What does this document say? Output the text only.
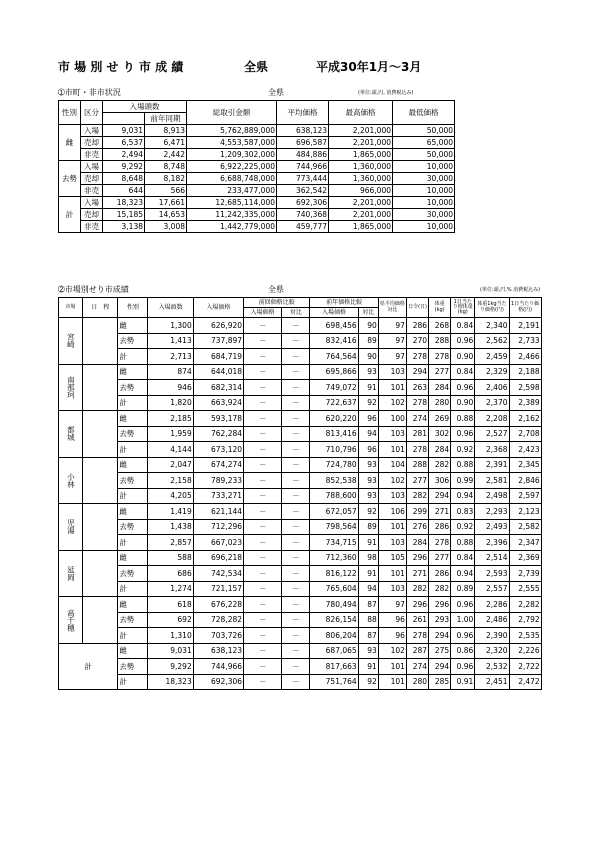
市 場 別 せ り 市 成 績	全県	平成30年1月～3月
➀市町・非市状況	全県	(単位:頭,円, 消費税込み)
性別	区分	入場頭数		総取引金額	平均価格	最高価格	最低価格
			前年同期				
雌	入場	9,031	8,913	5,762,889,000	638,123	2,201,000	50,000
	売却	6,537	6,471	4,553,587,000	696,587	2,201,000	65,000
	非売	2,494	2,442	1,209,302,000	484,886	1,865,000	50,000
去勢	入場	9,292	8,748	6,922,225,000	744,966	1,360,000	10,000
	売却	8,648	8,182	6,688,748,000	773,444	1,360,000	30,000
	非売	644	566	233,477,000	362,542	966,000	10,000
計	入場	18,323	17,661	12,685,114,000	692,306	2,201,000	10,000
	売却	15,185	14,653	11,242,335,000	740,368	2,201,000	30,000
	非売	3,138	3,008	1,442,779,000	459,777	1,865,000	10,000
➁市場別せり市成績	全県	(単位:頭,円,% 消費税込み)
市場	日　程	性別	入場頭数	入場価格	前回価格比較		前年価格比較		県平均価格対比	日令(日)	体重(kg)	1日当たり増体量(kg)	体重1kg当たり価格(円)	1日当たり価格(円)
					入場価格	対比	入場価格	対比						
宮崎		雌	1,300	626,920	－	－	698,456	90	97	286	268	0.84	2,340	2,191
		去勢	1,413	737,897	－	－	832,416	89	97	270	288	0.96	2,562	2,733
		計	2,713	684,719	－	－	764,564	90	97	278	278	0.90	2,459	2,466
南那珂		雌	874	644,018	－	－	695,866	93	103	294	277	0.84	2,329	2,188
		去勢	946	682,314	－	－	749,072	91	101	263	284	0.96	2,406	2,598
		計	1,820	663,924	－	－	722,637	92	102	278	280	0.90	2,370	2,389
都城		雌	2,185	593,178	－	－	620,220	96	100	274	269	0.88	2,208	2,162
		去勢	1,959	762,284	－	－	813,416	94	103	281	302	0.96	2,527	2,708
		計	4,144	673,120	－	－	710,796	96	101	278	284	0.92	2,368	2,423
小林		雌	2,047	674,274	－	－	724,780	93	104	288	282	0.88	2,391	2,345
		去勢	2,158	789,233	－	－	852,538	93	102	277	306	0.99	2,581	2,846
		計	4,205	733,271	－	－	788,600	93	103	282	294	0.94	2,498	2,597
児湯		雌	1,419	621,144	－	－	672,057	92	106	299	271	0.83	2,293	2,123
		去勢	1,438	712,296	－	－	798,564	89	101	276	286	0.92	2,493	2,582
		計	2,857	667,023	－	－	734,715	91	103	284	278	0.88	2,396	2,347
延岡		雌	588	696,218	－	－	712,360	98	105	296	277	0.84	2,514	2,369
		去勢	686	742,534	－	－	816,122	91	101	271	286	0.94	2,593	2,739
		計	1,274	721,157	－	－	765,604	94	103	282	282	0.89	2,557	2,555
高千穂		雌	618	676,228	－	－	780,494	87	97	296	296	0.96	2,286	2,282
		去勢	692	728,282	－	－	826,154	88	96	261	293	1.00	2,486	2,792
		計	1,310	703,726	－	－	806,204	87	96	278	294	0.96	2,390	2,535
計		雌	9,031	638,123	－	－	687,065	93	102	287	275	0.86	2,320	2,226
		去勢	9,292	744,966	－	－	817,663	91	101	274	294	0.96	2,532	2,722
		計	18,323	692,306	－	－	751,764	92	101	280	285	0.91	2,451	2,472
